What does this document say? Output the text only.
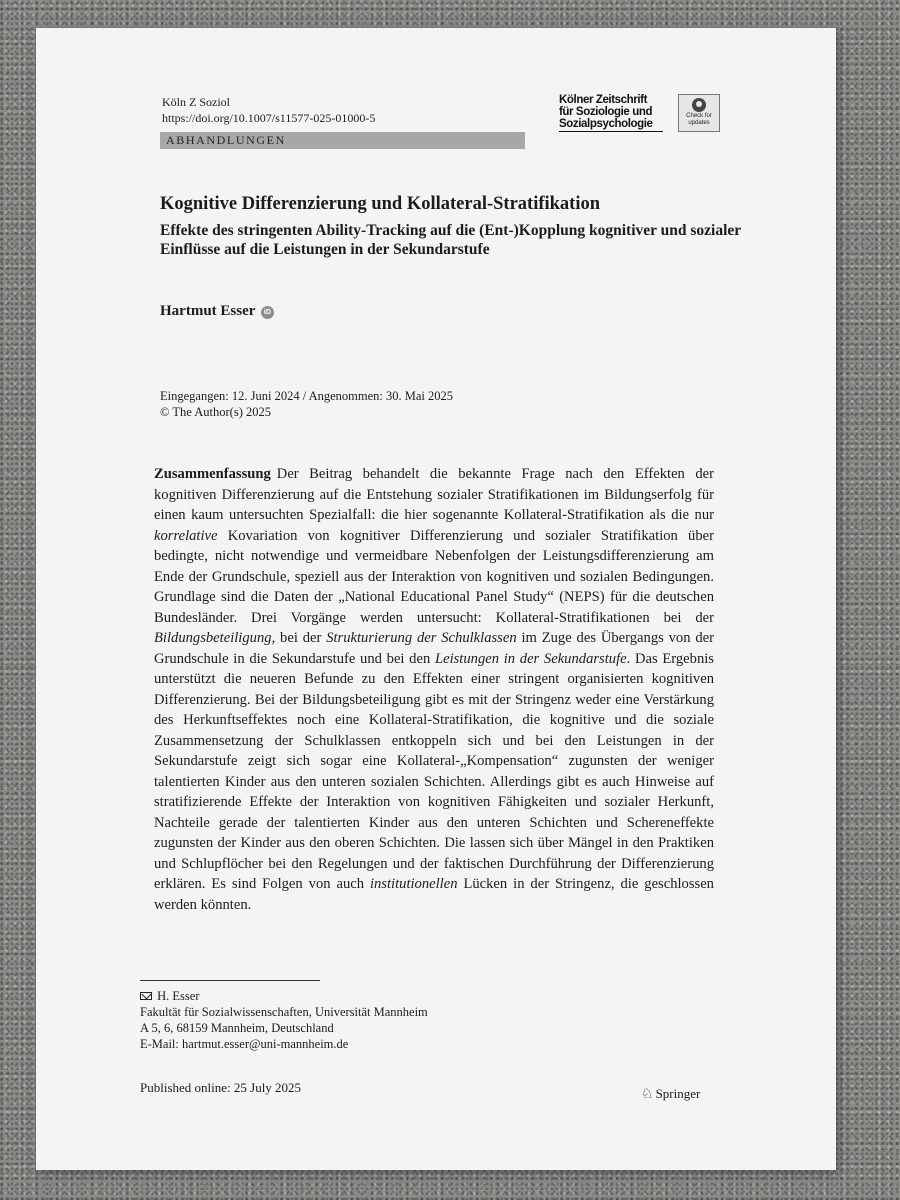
Köln Z Soziol
https://doi.org/10.1007/s11577-025-01000-5
Kölner Zeitschrift
für Soziologie und
Sozialpsychologie
Check for updates
ABHANDLUNGEN
Kognitive Differenzierung und Kollateral-Stratifikation
Effekte des stringenten Ability-Tracking auf die (Ent-)Kopplung kognitiver und sozialer Einflüsse auf die Leistungen in der Sekundarstufe
Hartmut Esser iD
Eingegangen: 12. Juni 2024 / Angenommen: 30. Mai 2025
© The Author(s) 2025
Zusammenfassung Der Beitrag behandelt die bekannte Frage nach den Effekten der kognitiven Differenzierung auf die Entstehung sozialer Stratifikationen im Bildungserfolg für einen kaum untersuchten Spezialfall: die hier sogenannte Kollateral-Stratifikation als die nur korrelative Kovariation von kognitiver Differenzierung und sozialer Stratifikation über bedingte, nicht notwendige und vermeidbare Nebenfolgen der Leistungsdifferenzierung am Ende der Grundschule, speziell aus der Interaktion von kognitiven und sozialen Bedingungen. Grundlage sind die Daten der „National Educational Panel Study“ (NEPS) für die deutschen Bundesländer. Drei Vorgänge werden untersucht: Kollateral-Stratifikationen bei der Bildungsbeteiligung, bei der Strukturierung der Schulklassen im Zuge des Übergangs von der Grundschule in die Sekundarstufe und bei den Leistungen in der Sekundarstufe. Das Ergebnis unterstützt die neueren Befunde zu den Effekten einer stringent organisierten kognitiven Differenzierung. Bei der Bildungsbeteiligung gibt es mit der Stringenz weder eine Verstärkung des Herkunftseffektes noch eine Kollateral-Stratifikation, die kognitive und die soziale Zusammensetzung der Schulklassen entkoppeln sich und bei den Leistungen in der Sekundarstufe zeigt sich sogar eine Kollateral-„Kompensation“ zugunsten der weniger talentierten Kinder aus den unteren sozialen Schichten. Allerdings gibt es auch Hinweise auf stratifizierende Effekte der Interaktion von kognitiven Fähigkeiten und sozialer Herkunft, Nachteile gerade der talentierten Kinder aus den unteren Schichten und Schereneffekte zugunsten der Kinder aus den oberen Schichten. Die lassen sich über Mängel in den Praktiken und Schlupflöcher bei den Regelungen und der faktischen Durchführung der Differenzierung erklären. Es sind Folgen von auch institutionellen Lücken in der Stringenz, die geschlossen werden könnten.
H. Esser
Fakultät für Sozialwissenschaften, Universität Mannheim
A 5, 6, 68159 Mannheim, Deutschland
E-Mail: hartmut.esser@uni-mannheim.de
Published online: 25 July 2025	♘ Springer
